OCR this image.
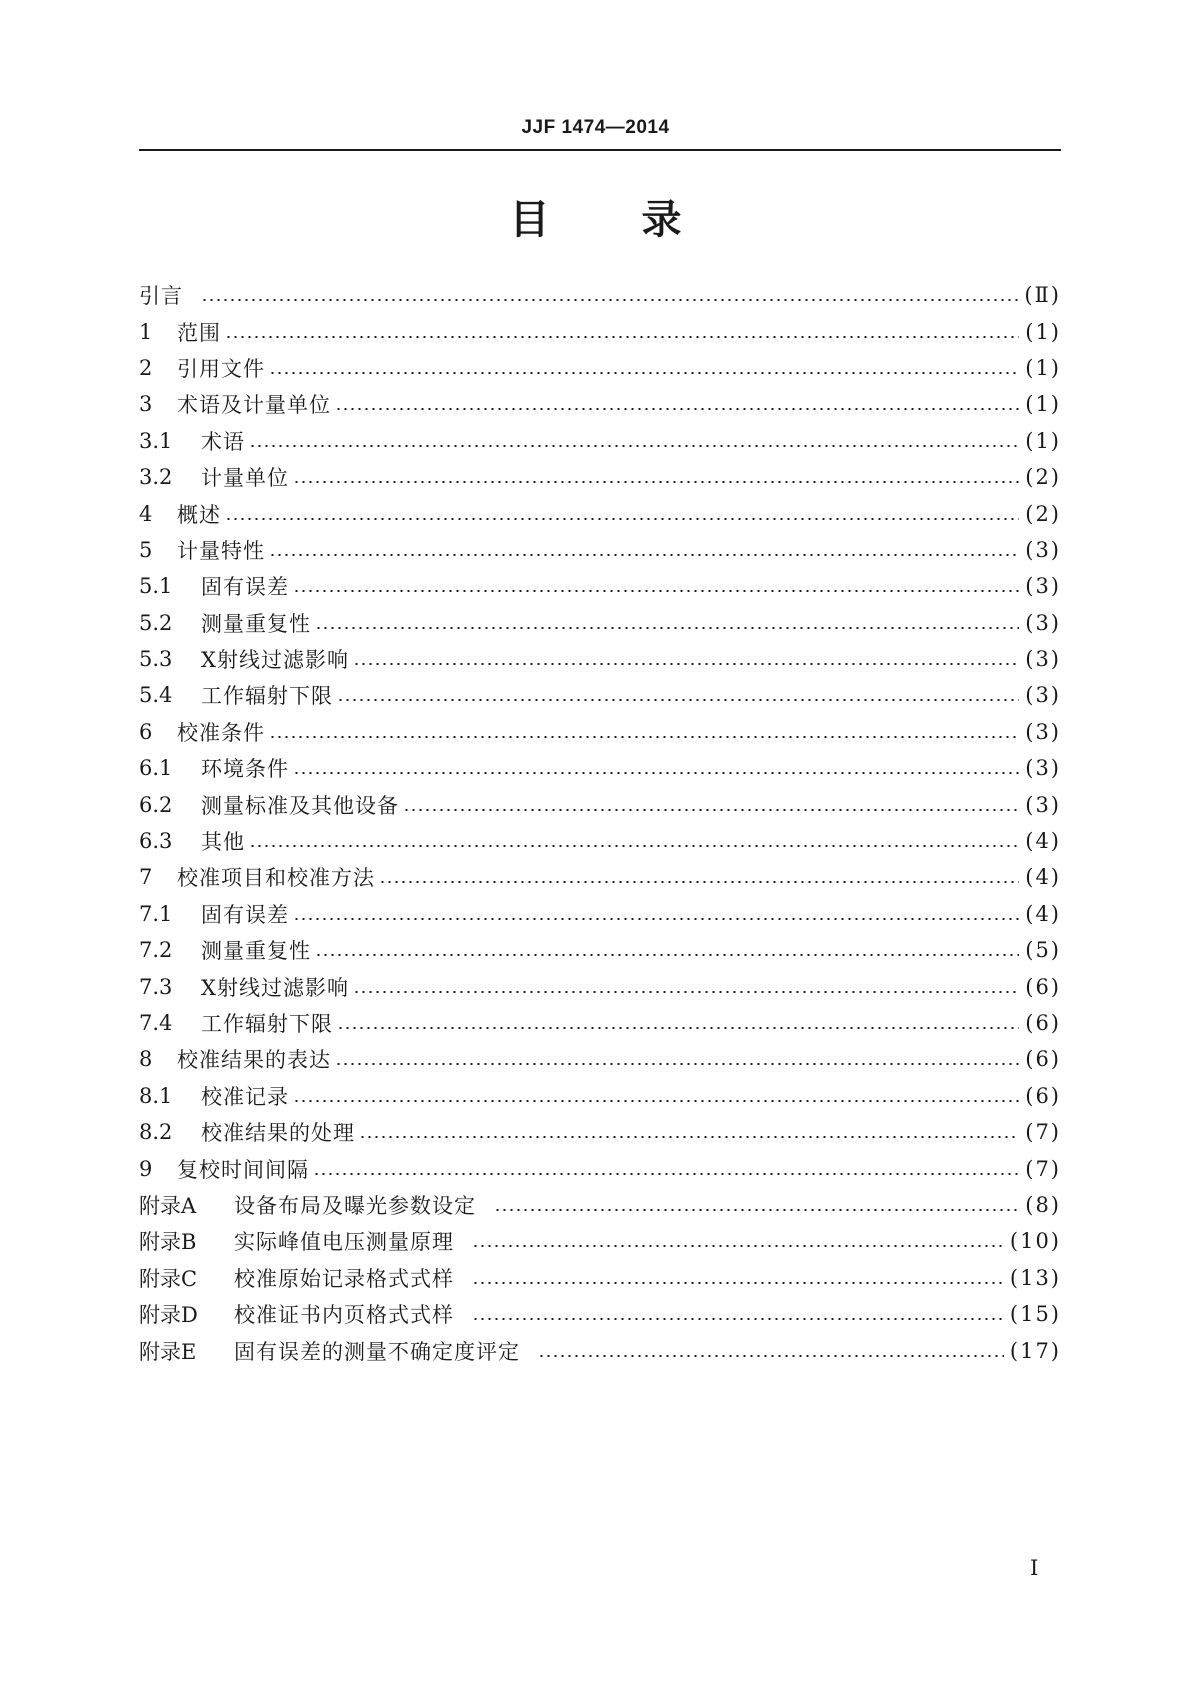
JJF 1474—2014
目 录
引言	(Ⅱ)
1	范围	(1)
2	引用文件	(1)
3	术语及计量单位	(1)
3.1	术语	(1)
3.2	计量单位	(2)
4	概述	(2)
5	计量特性	(3)
5.1	固有误差	(3)
5.2	测量重复性	(3)
5.3	X射线过滤影响	(3)
5.4	工作辐射下限	(3)
6	校准条件	(3)
6.1	环境条件	(3)
6.2	测量标准及其他设备	(3)
6.3	其他	(4)
7	校准项目和校准方法	(4)
7.1	固有误差	(4)
7.2	测量重复性	(5)
7.3	X射线过滤影响	(6)
7.4	工作辐射下限	(6)
8	校准结果的表达	(6)
8.1	校准记录	(6)
8.2	校准结果的处理	(7)
9	复校时间间隔	(7)
附录A	设备布局及曝光参数设定	(8)
附录B	实际峰值电压测量原理	(10)
附录C	校准原始记录格式式样	(13)
附录D	校准证书内页格式式样	(15)
附录E	固有误差的测量不确定度评定	(17)
I
